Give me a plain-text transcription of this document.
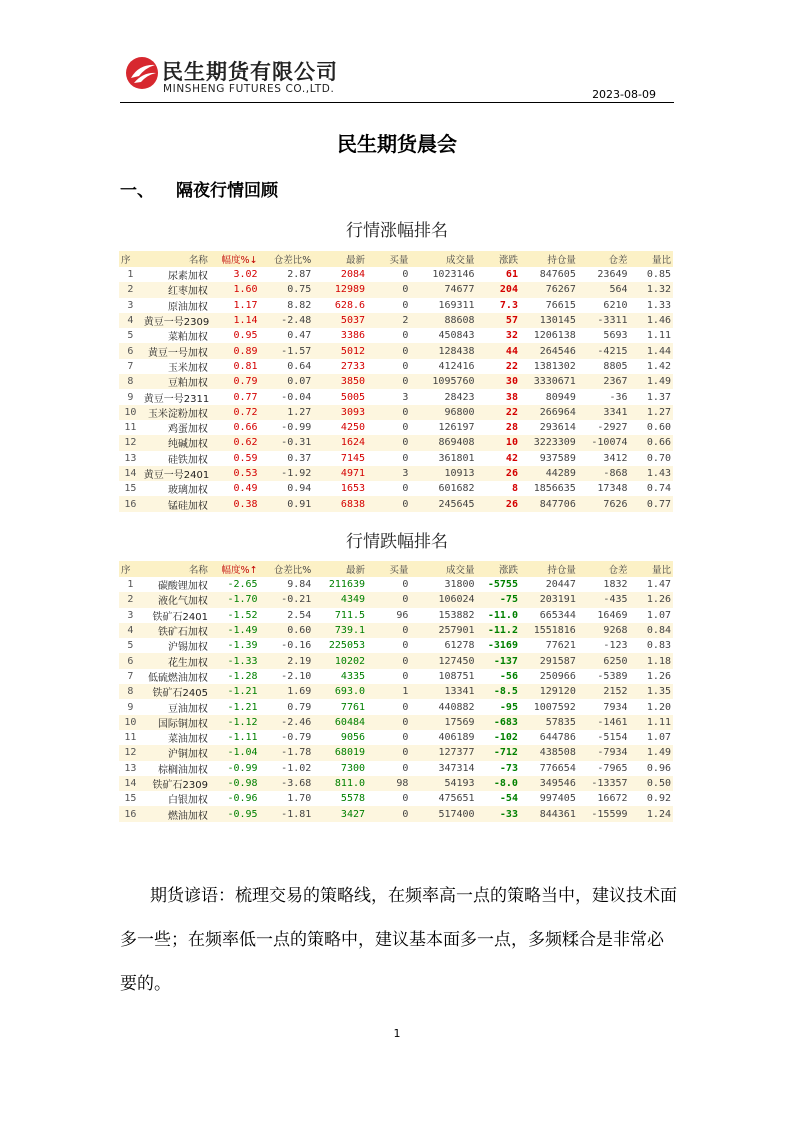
民生期货有限公司
MINSHENG FUTURES CO.,LTD.	2023-08-09
民生期货晨会
一、 隔夜行情回顾
行情涨幅排名
序	名称	幅度%↓	仓差比%	最新	买量	成交量	涨跌	持仓量	仓差	量比
1	尿素加权	3.02	2.87	2084	0	1023146	61	847605	23649	0.85
2	红枣加权	1.60	0.75	12989	0	74677	204	76267	564	1.32
3	原油加权	1.17	8.82	628.6	0	169311	7.3	76615	6210	1.33
4	黄豆一号2309	1.14	-2.48	5037	2	88608	57	130145	-3311	1.46
5	菜粕加权	0.95	0.47	3386	0	450843	32	1206138	5693	1.11
6	黄豆一号加权	0.89	-1.57	5012	0	128438	44	264546	-4215	1.44
7	玉米加权	0.81	0.64	2733	0	412416	22	1381302	8805	1.42
8	豆粕加权	0.79	0.07	3850	0	1095760	30	3330671	2367	1.49
9	黄豆一号2311	0.77	-0.04	5005	3	28423	38	80949	-36	1.37
10	玉米淀粉加权	0.72	1.27	3093	0	96800	22	266964	3341	1.27
11	鸡蛋加权	0.66	-0.99	4250	0	126197	28	293614	-2927	0.60
12	纯碱加权	0.62	-0.31	1624	0	869408	10	3223309	-10074	0.66
13	硅铁加权	0.59	0.37	7145	0	361801	42	937589	3412	0.70
14	黄豆一号2401	0.53	-1.92	4971	3	10913	26	44289	-868	1.43
15	玻璃加权	0.49	0.94	1653	0	601682	8	1856635	17348	0.74
16	锰硅加权	0.38	0.91	6838	0	245645	26	847706	7626	0.77
行情跌幅排名
序	名称	幅度%↑	仓差比%	最新	买量	成交量	涨跌	持仓量	仓差	量比
1	碳酸锂加权	-2.65	9.84	211639	0	31800	-5755	20447	1832	1.47
2	液化气加权	-1.70	-0.21	4349	0	106024	-75	203191	-435	1.26
3	铁矿石2401	-1.52	2.54	711.5	96	153882	-11.0	665344	16469	1.07
4	铁矿石加权	-1.49	0.60	739.1	0	257901	-11.2	1551816	9268	0.84
5	沪锡加权	-1.39	-0.16	225053	0	61278	-3169	77621	-123	0.83
6	花生加权	-1.33	2.19	10202	0	127450	-137	291587	6250	1.18
7	低硫燃油加权	-1.28	-2.10	4335	0	108751	-56	250966	-5389	1.26
8	铁矿石2405	-1.21	1.69	693.0	1	13341	-8.5	129120	2152	1.35
9	豆油加权	-1.21	0.79	7761	0	440882	-95	1007592	7934	1.20
10	国际铜加权	-1.12	-2.46	60484	0	17569	-683	57835	-1461	1.11
11	菜油加权	-1.11	-0.79	9056	0	406189	-102	644786	-5154	1.07
12	沪铜加权	-1.04	-1.78	68019	0	127377	-712	438508	-7934	1.49
13	棕榈油加权	-0.99	-1.02	7300	0	347314	-73	776654	-7965	0.96
14	铁矿石2309	-0.98	-3.68	811.0	98	54193	-8.0	349546	-13357	0.50
15	白银加权	-0.96	1.70	5578	0	475651	-54	997405	16672	0.92
16	燃油加权	-0.95	-1.81	3427	0	517400	-33	844361	-15599	1.24
期货谚语：梳理交易的策略线，在频率高一点的策略当中，建议技术面多一些；在频率低一点的策略中，建议基本面多一点，多频糅合是非常必要的。
1
